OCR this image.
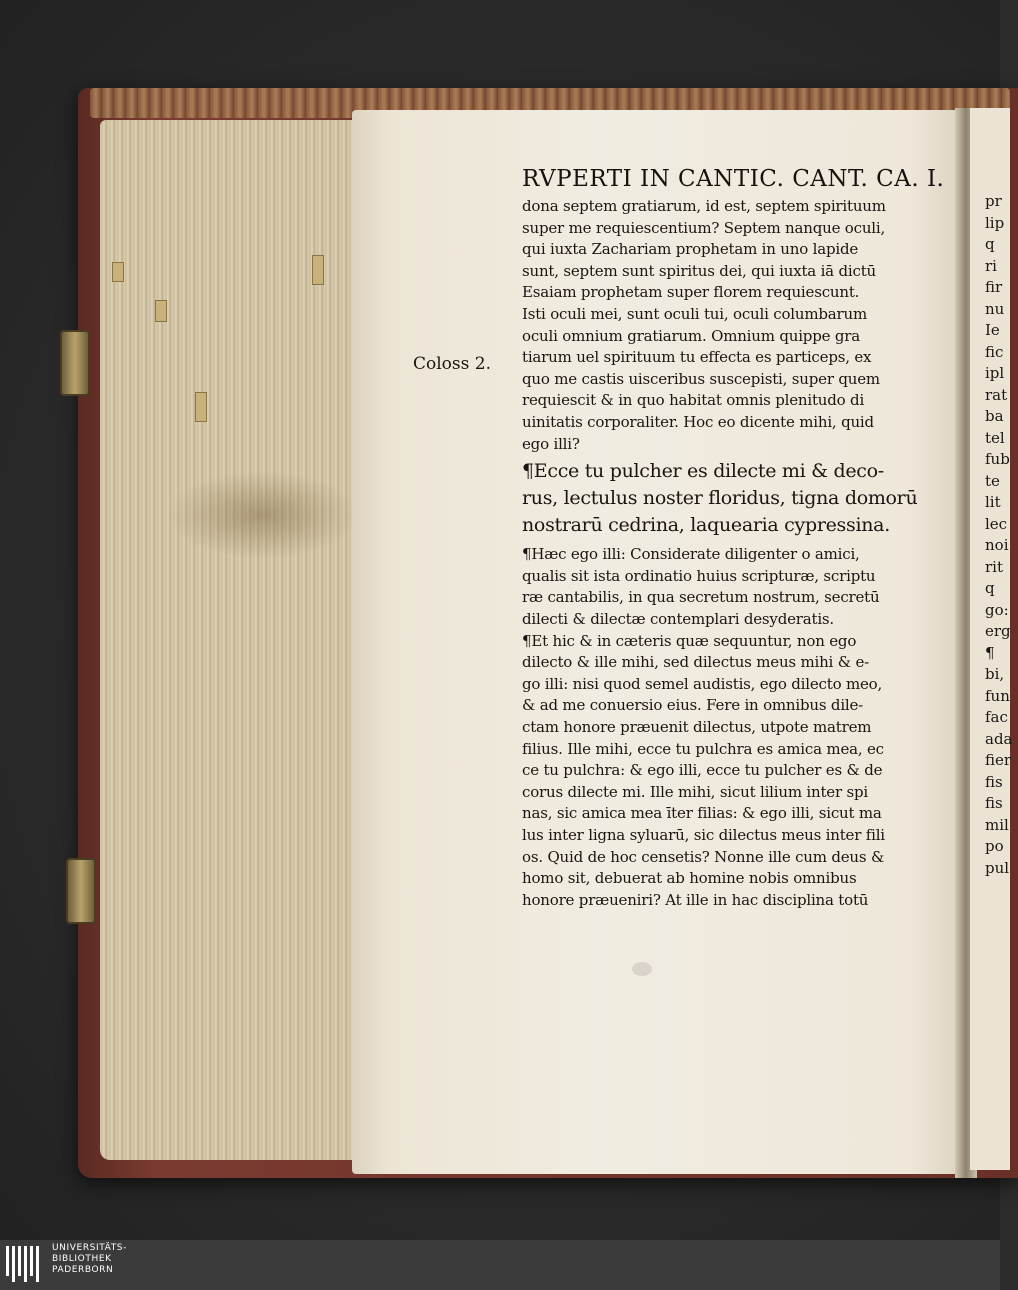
pr
lip
q
ri
fir
nu
Ie
fic
ipl
rat
ba
tel
fub
te
lit
lec
noi
rit
q
go:
erg
¶
bi,
fun
fac
ada
fier
fis
fis
mil
po
pul
RVPERTI IN CANTIC. CANT. CA. I.
Coloss 2.
dona septem gratiarum, id est, septem spirituum
super me requiescentium? Septem nanque oculi,
qui iuxta Zachariam prophetam in uno lapide
sunt, septem sunt spiritus dei, qui iuxta iā dictū
Esaiam prophetam super florem requiescunt.
Isti oculi mei, sunt oculi tui, oculi columbarum
oculi omnium gratiarum. Omnium quippe gra
tiarum uel spirituum tu effecta es particeps, ex
quo me castis uisceribus suscepisti, super quem
requiescit & in quo habitat omnis plenitudo di
uinitatis corporaliter. Hoc eo dicente mihi, quid
ego illi?
¶Ecce tu pulcher es dilecte mi & deco-
rus, lectulus noster floridus, tigna domorū
nostrarū cedrina, laquearia cypressina.
¶Hæc ego illi: Considerate diligenter o amici,
qualis sit ista ordinatio huius scripturæ, scriptu
ræ cantabilis, in qua secretum nostrum, secretū
dilecti & dilectæ contemplari desyderatis.
¶Et hic & in cæteris quæ sequuntur, non ego
dilecto & ille mihi, sed dilectus meus mihi & e-
go illi: nisi quod semel audistis, ego dilecto meo,
& ad me conuersio eius. Fere in omnibus dile-
ctam honore præuenit dilectus, utpote matrem
filius. Ille mihi, ecce tu pulchra es amica mea, ec
ce tu pulchra: & ego illi, ecce tu pulcher es & de
corus dilecte mi. Ille mihi, sicut lilium inter spi
nas, sic amica mea īter filias: & ego illi, sicut ma
lus inter ligna syluarū, sic dilectus meus inter fili
os. Quid de hoc censetis? Nonne ille cum deus &
homo sit, debuerat ab homine nobis omnibus
honore præueniri? At ille in hac disciplina totū
UNIVERSITÄTS-
BIBLIOTHEK
PADERBORN
